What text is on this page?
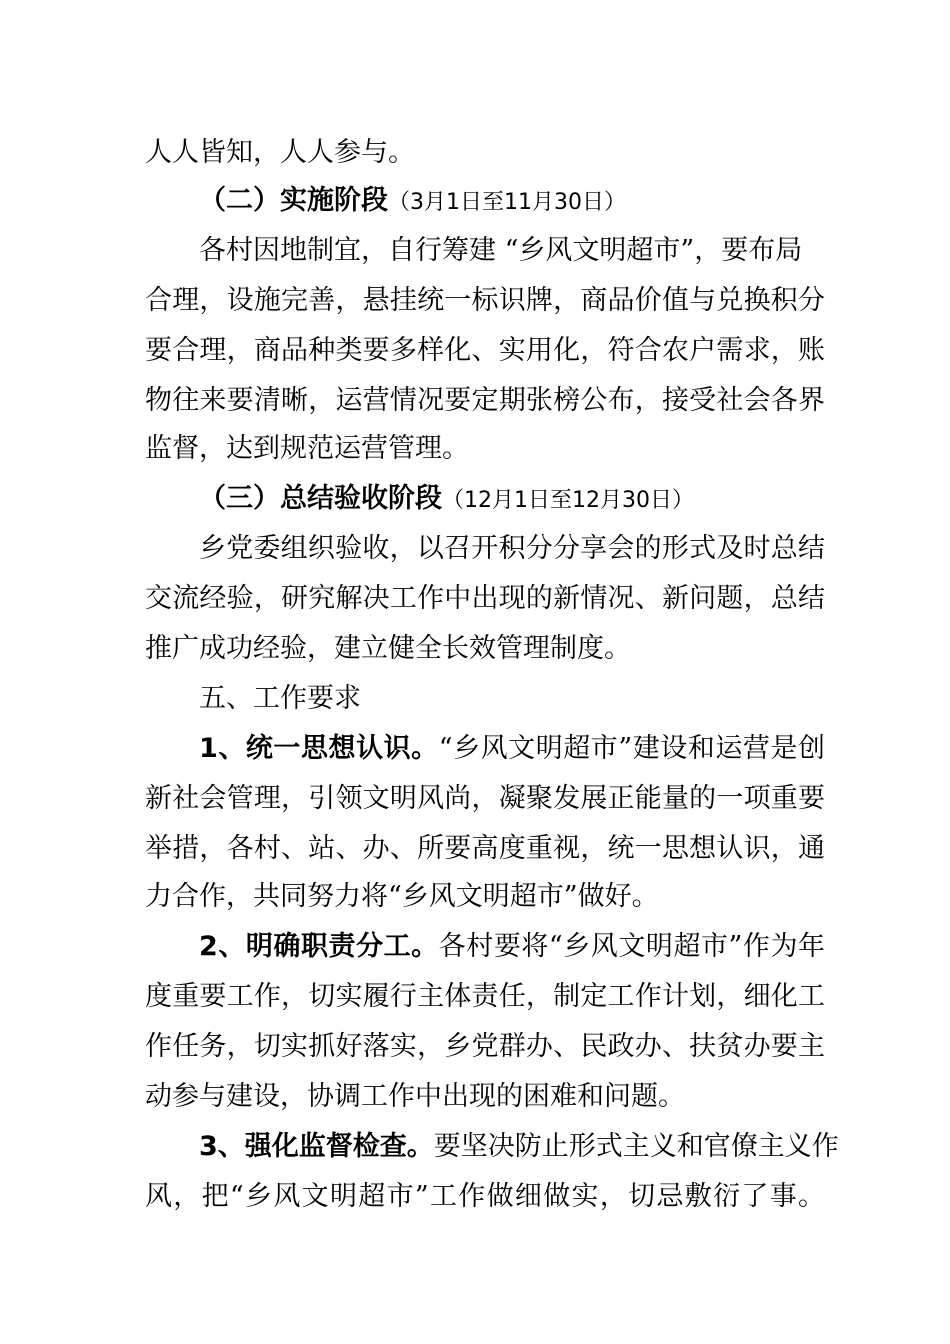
人人皆知，人人参与。
（二）实施阶段（3月1日至11月30日）
各村因地制宜，自行筹建 “乡风文明超市”，要布局
合理，设施完善，悬挂统一标识牌，商品价值与兑换积分
要合理，商品种类要多样化、实用化，符合农户需求，账
物往来要清晰，运营情况要定期张榜公布，接受社会各界
监督，达到规范运营管理。
（三）总结验收阶段（12月1日至12月30日）
乡党委组织验收，以召开积分分享会的形式及时总结
交流经验，研究解决工作中出现的新情况、新问题，总结
推广成功经验，建立健全长效管理制度。
五、工作要求
1、统一思想认识。“乡风文明超市”建设和运营是创
新社会管理，引领文明风尚，凝聚发展正能量的一项重要
举措，各村、站、办、所要高度重视，统一思想认识，通
力合作，共同努力将“乡风文明超市”做好。
2、明确职责分工。各村要将“乡风文明超市”作为年
度重要工作，切实履行主体责任，制定工作计划，细化工
作任务，切实抓好落实，乡党群办、民政办、扶贫办要主
动参与建设，协调工作中出现的困难和问题。
3、强化监督检查。要坚决防止形式主义和官僚主义作
风，把“乡风文明超市”工作做细做实，切忌敷衍了事。
